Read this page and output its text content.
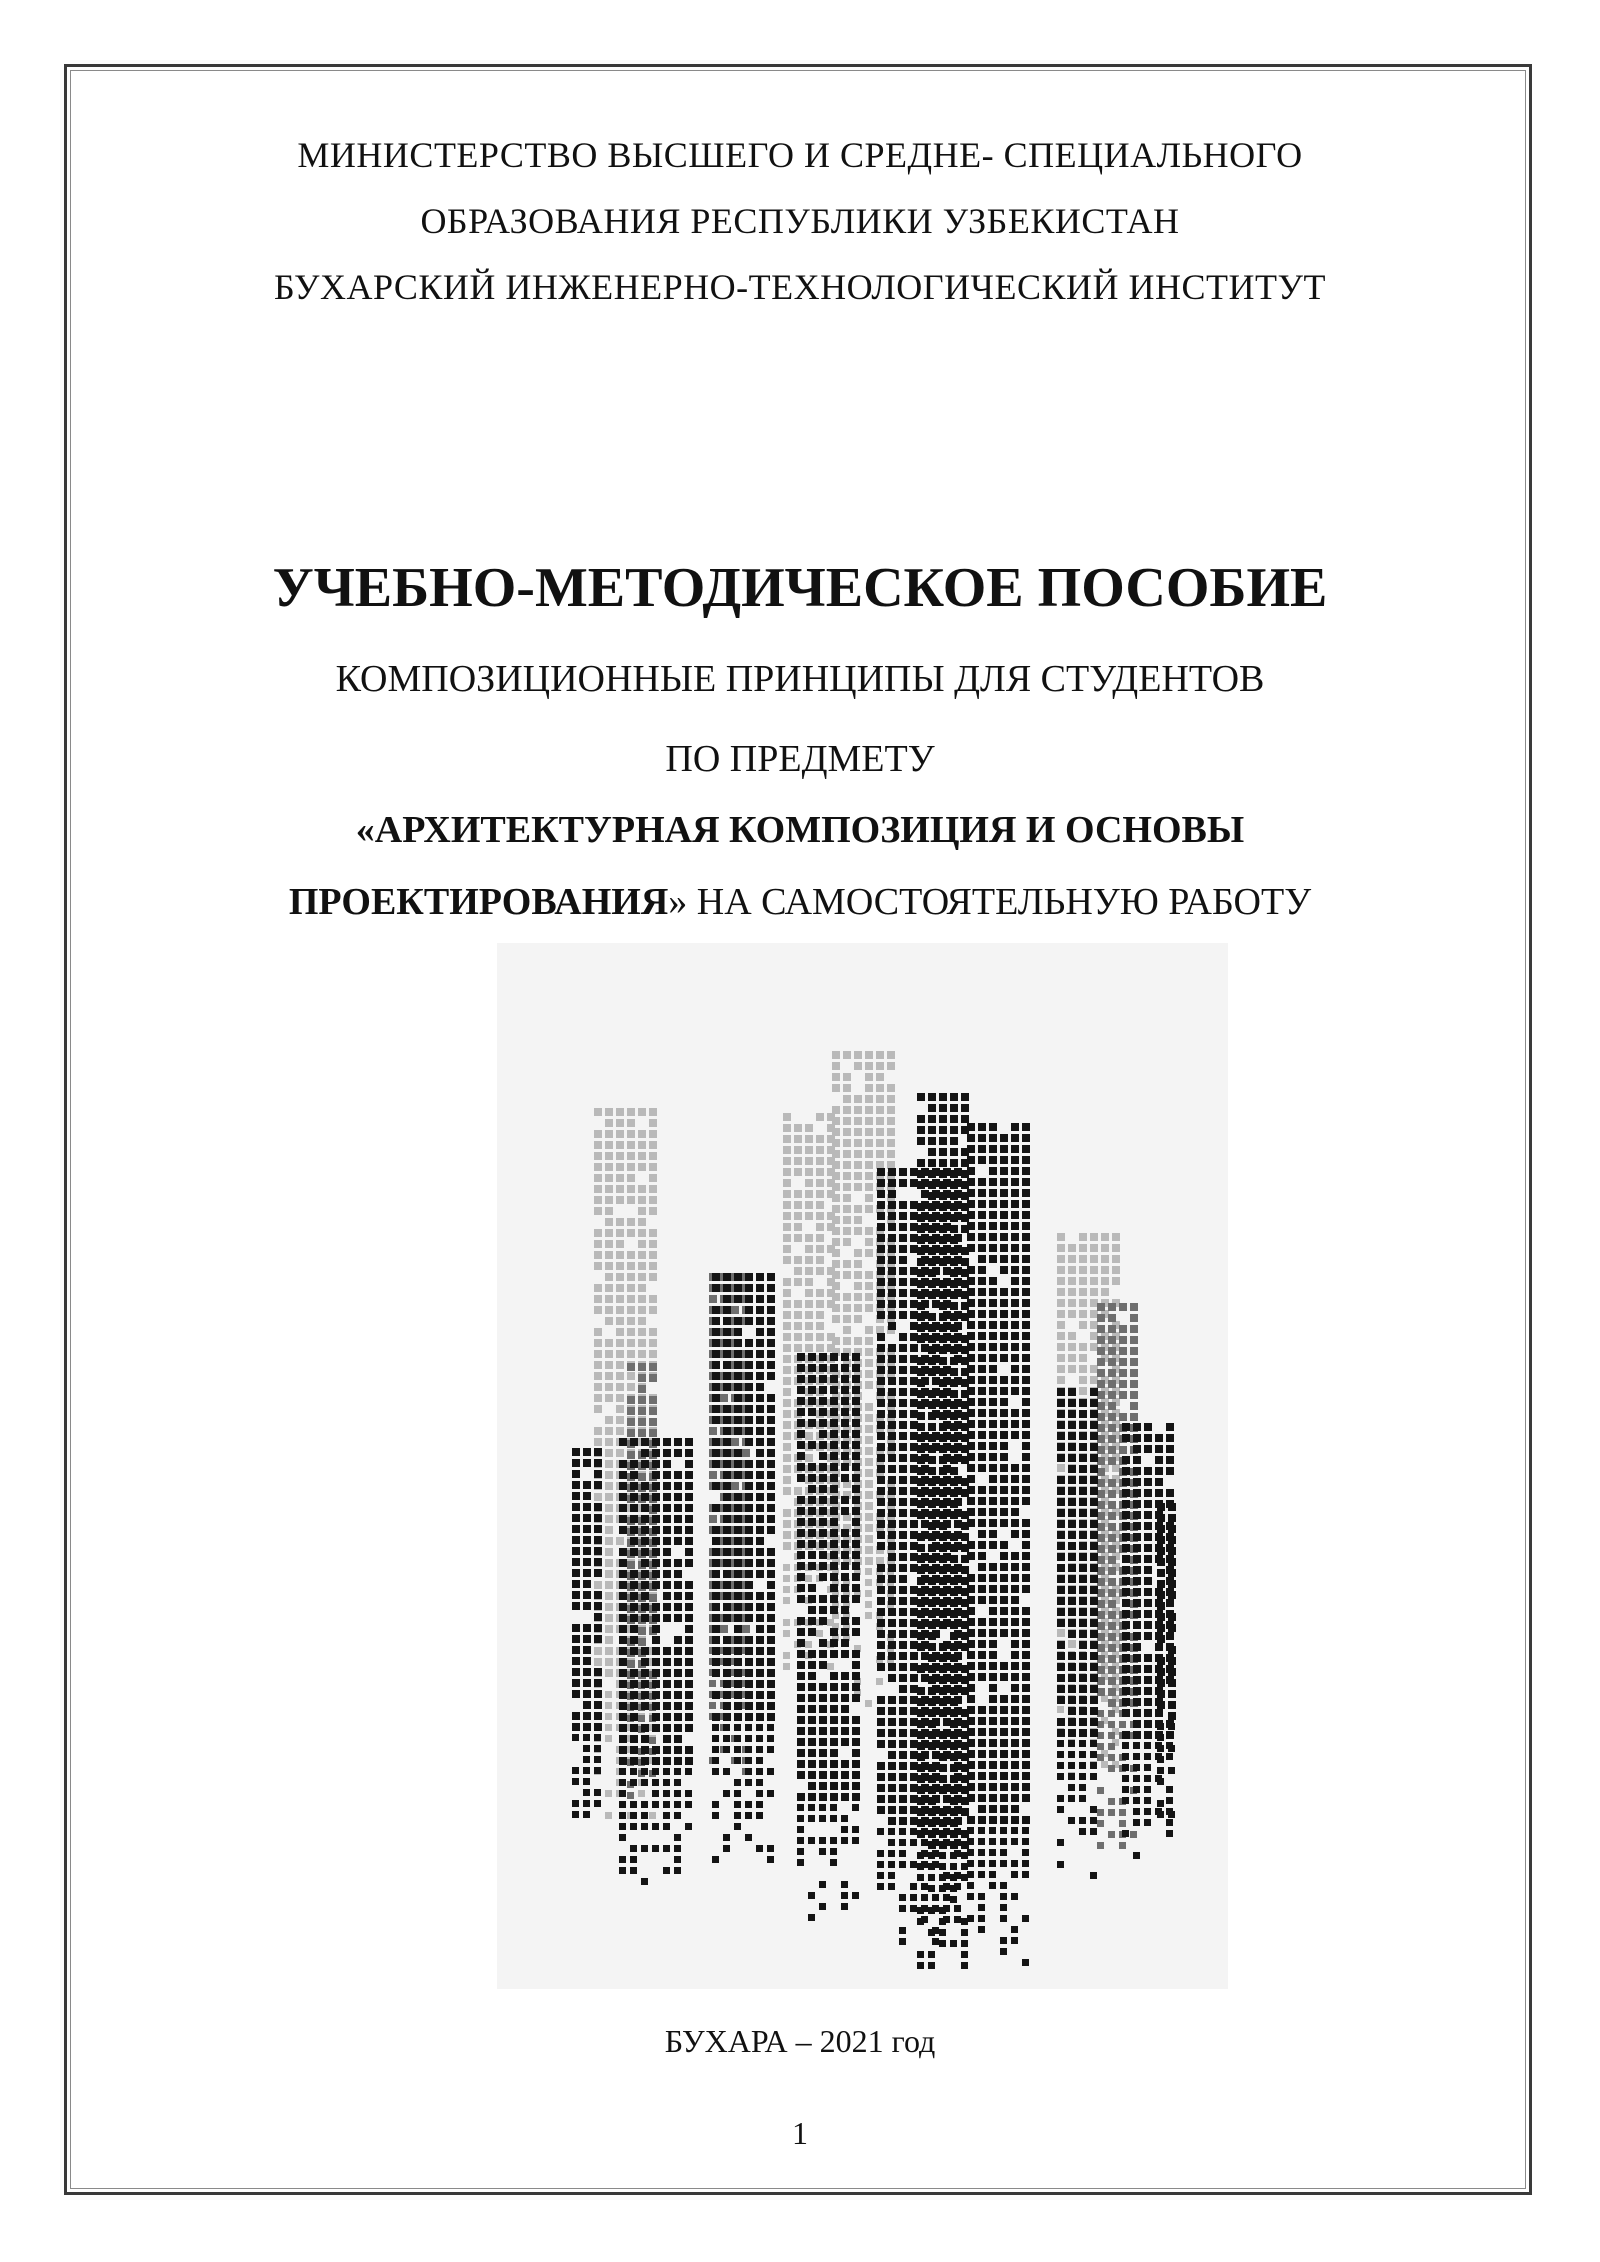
МИНИСТЕРСТВО ВЫСШЕГО И СРЕДНЕ- СПЕЦИАЛЬНОГО
ОБРАЗОВАНИЯ РЕСПУБЛИКИ УЗБЕКИСТАН
БУХАРСКИЙ ИНЖЕНЕРНО-ТЕХНОЛОГИЧЕСКИЙ ИНСТИТУТ
УЧЕБНО-МЕТОДИЧЕСКОЕ ПОСОБИЕ
КОМПОЗИЦИОННЫЕ ПРИНЦИПЫ ДЛЯ СТУДЕНТОВ
ПО ПРЕДМЕТУ
«АРХИТЕКТУРНАЯ КОМПОЗИЦИЯ И ОСНОВЫ
ПРОЕКТИРОВАНИЯ» НА САМОСТОЯТЕЛЬНУЮ РАБОТУ
БУХАРА – 2021 год
1
